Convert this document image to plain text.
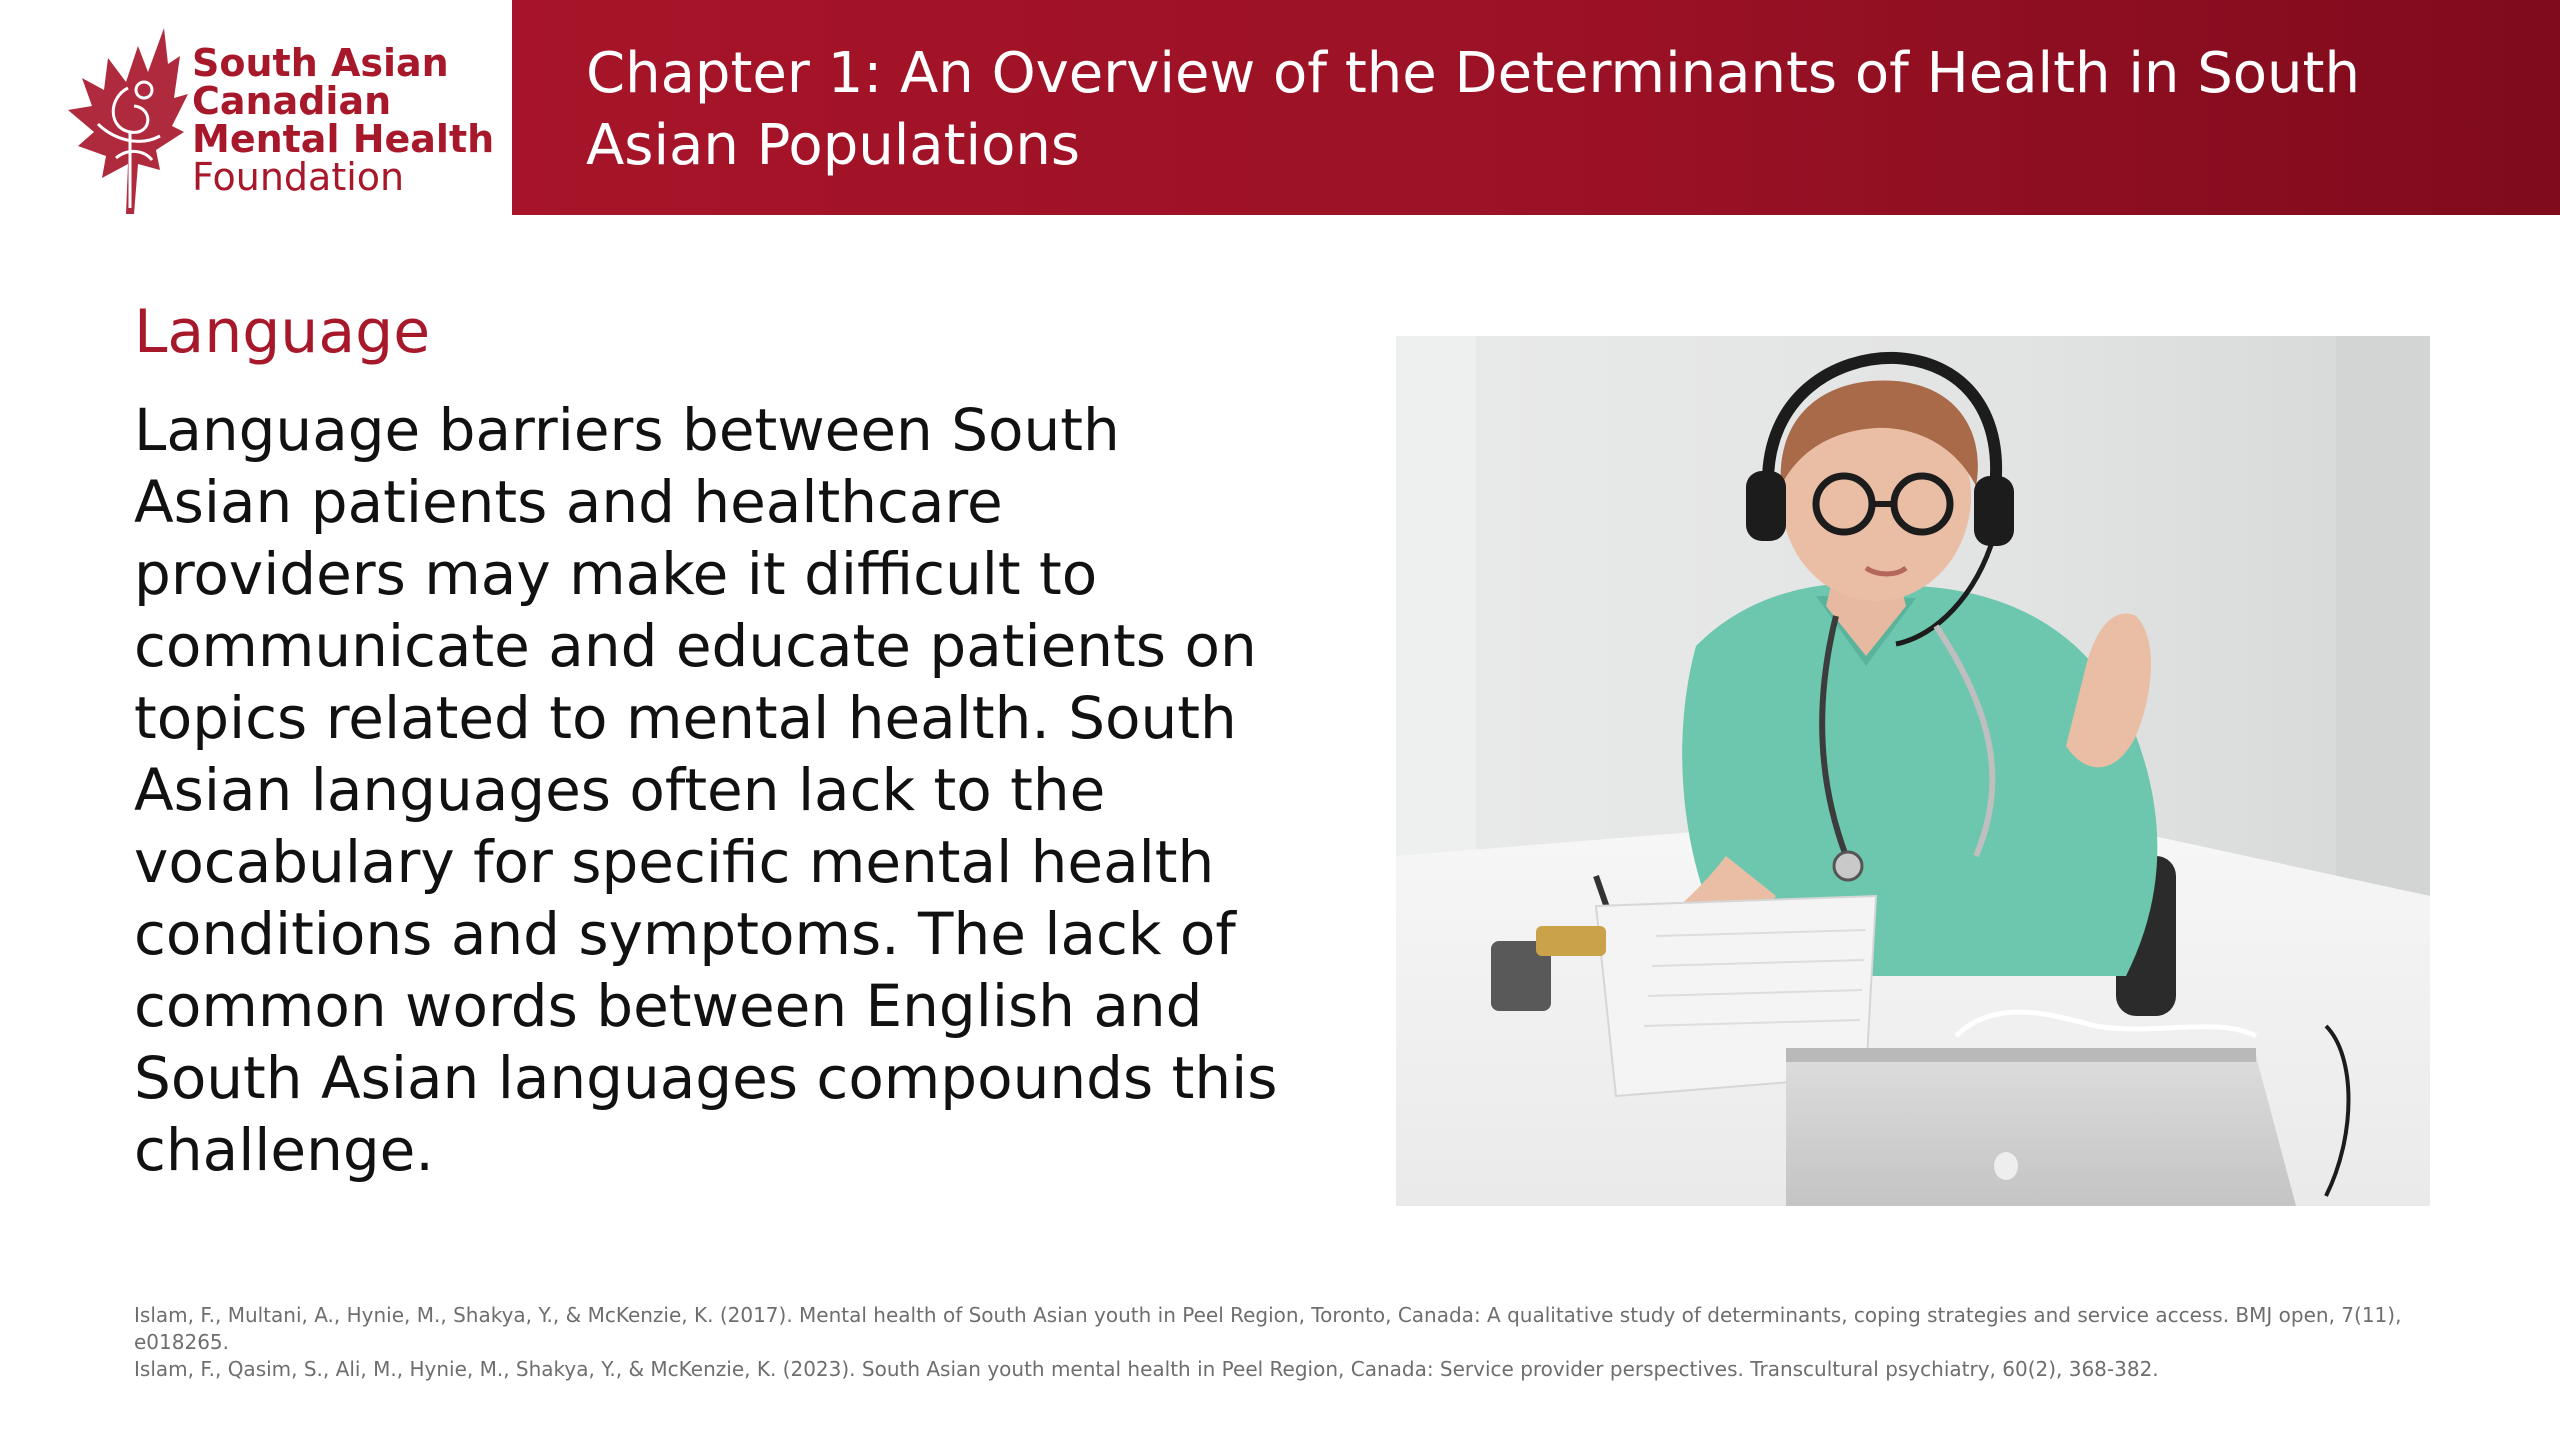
South Asian
Canadian
Mental Health
Foundation
Chapter 1: An Overview of the Determinants of Health in South Asian Populations
Language

Language barriers between South Asian patients and healthcare providers may make it difficult to communicate and educate patients on topics related to mental health. South Asian languages often lack to the vocabulary for specific mental health conditions and symptoms. The lack of common words between English and South Asian languages compounds this challenge.

Islam, F., Multani, A., Hynie, M., Shakya, Y., & McKenzie, K. (2017). Mental health of South Asian youth in Peel Region, Toronto, Canada: A qualitative study of determinants, coping strategies and service access. BMJ open, 7(11), e018265.

Islam, F., Qasim, S., Ali, M., Hynie, M., Shakya, Y., & McKenzie, K. (2023). South Asian youth mental health in Peel Region, Canada: Service provider perspectives. Transcultural psychiatry, 60(2), 368-382.
